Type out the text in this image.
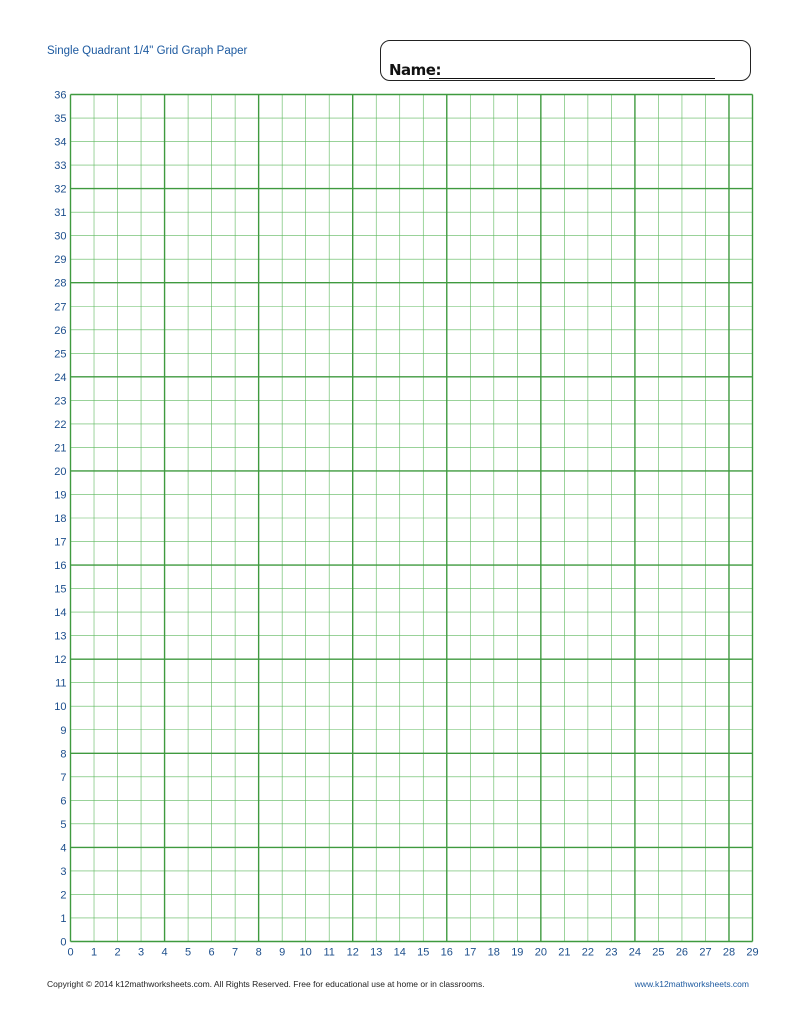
Single Quadrant 1/4" Grid Graph Paper
Name:
0 1 2 3 4 5 6 7 8 9 10 11 12 13 14 15 16 17 18 19 20 21 22 23 24 25 26 27 28 29
0
1
2
3
4
5
6
7
8
9
10
11
12
13
14
15
16
17
18
19
20
21
22
23
24
25
26
27
28
29
30
31
32
33
34
35
36
Copyright © 2014 k12mathworksheets.com. All Rights Reserved. Free for educational use at home or in classrooms.	www.k12mathworksheets.com
